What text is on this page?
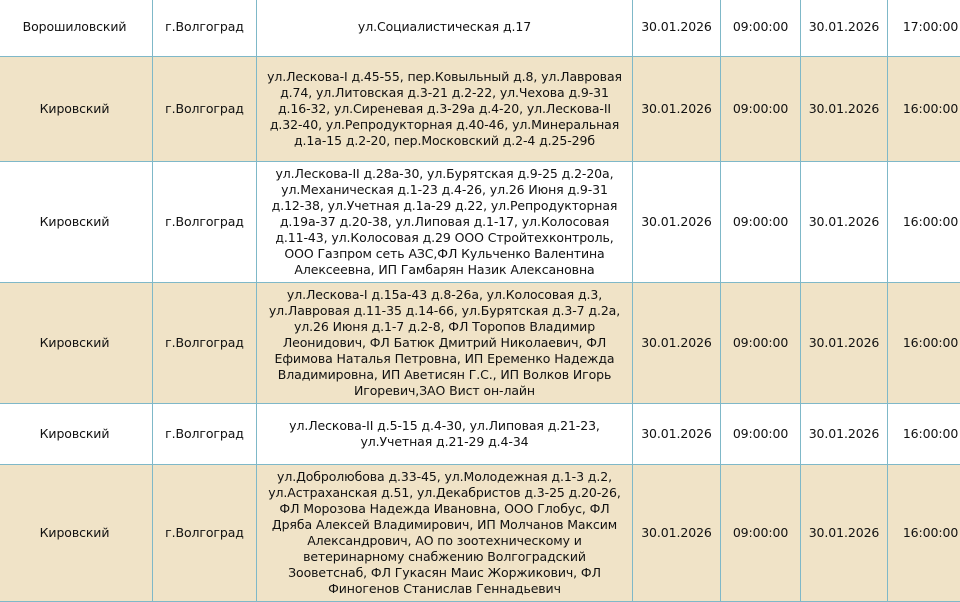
Ворошиловский	г.Волгоград	ул.Социалистическая д.17	30.01.2026	09:00:00	30.01.2026	17:00:00
Кировский	г.Волгоград	ул.Лескова-I д.45-55, пер.Ковыльный д.8, ул.Лавровая д.74, ул.Литовская д.3-21 д.2-22, ул.Чехова д.9-31 д.16-32, ул.Сиреневая д.3-29а д.4-20, ул.Лескова-II д.32-40, ул.Репродукторная д.40-46, ул.Минеральная д.1а-15 д.2-20, пер.Московский д.2-4 д.25-29б	30.01.2026	09:00:00	30.01.2026	16:00:00
Кировский	г.Волгоград	ул.Лескова-II д.28а-30, ул.Бурятская д.9-25 д.2-20а, ул.Механическая д.1-23 д.4-26, ул.26 Июня д.9-31 д.12-38, ул.Учетная д.1а-29 д.22, ул.Репродукторная д.19а-37 д.20-38, ул.Липовая д.1-17, ул.Колосовая д.11-43, ул.Колосовая д.29 ООО Стройтехконтроль, ООО Газпром сеть АЗС,ФЛ Кульченко Валентина Алексеевна, ИП Гамбарян Назик Алексановна	30.01.2026	09:00:00	30.01.2026	16:00:00
Кировский	г.Волгоград	ул.Лескова-I д.15а-43 д.8-26а, ул.Колосовая д.3, ул.Лавровая д.11-35 д.14-66, ул.Бурятская д.3-7 д.2а, ул.26 Июня д.1-7 д.2-8, ФЛ Торопов Владимир Леонидович, ФЛ Батюк Дмитрий Николаевич, ФЛ Ефимова Наталья Петровна, ИП Еременко Надежда Владимировна, ИП Аветисян Г.С., ИП Волков Игорь Игоревич,ЗАО Вист он-лайн	30.01.2026	09:00:00	30.01.2026	16:00:00
Кировский	г.Волгоград	ул.Лескова-II д.5-15 д.4-30, ул.Липовая д.21-23, ул.Учетная д.21-29 д.4-34	30.01.2026	09:00:00	30.01.2026	16:00:00
Кировский	г.Волгоград	ул.Добролюбова д.33-45, ул.Молодежная д.1-3 д.2, ул.Астраханская д.51, ул.Декабристов д.3-25 д.20-26, ФЛ Морозова Надежда Ивановна, ООО Глобус, ФЛ Дряба Алексей Владимирович, ИП Молчанов Максим Александрович, АО по зоотехническому и ветеринарному снабжению Волгоградский Зооветснаб, ФЛ Гукасян Маис Жоржикович, ФЛ Финогенов Станислав Геннадьевич	30.01.2026	09:00:00	30.01.2026	16:00:00
